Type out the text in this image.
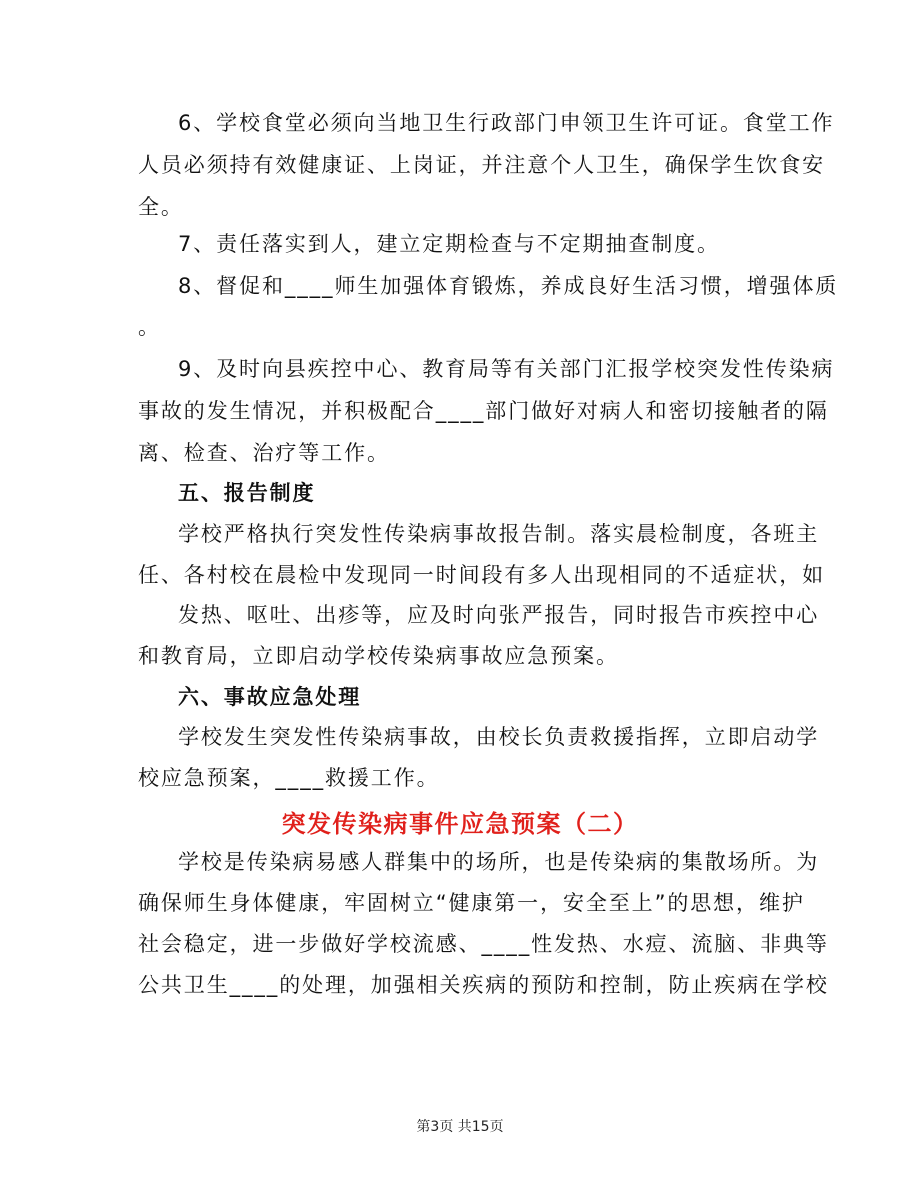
6、学校食堂必须向当地卫生行政部门申领卫生许可证。食堂工作
人员必须持有效健康证、上岗证，并注意个人卫生，确保学生饮食安
全。
7、责任落实到人，建立定期检查与不定期抽查制度。
8、督促和____师生加强体育锻炼，养成良好生活习惯，增强体质
。
9、及时向县疾控中心、教育局等有关部门汇报学校突发性传染病
事故的发生情况，并积极配合____部门做好对病人和密切接触者的隔
离、检查、治疗等工作。
五、报告制度
学校严格执行突发性传染病事故报告制。落实晨检制度，各班主
任、各村校在晨检中发现同一时间段有多人出现相同的不适症状，如
发热、呕吐、出疹等，应及时向张严报告，同时报告市疾控中心
和教育局，立即启动学校传染病事故应急预案。
六、事故应急处理
学校发生突发性传染病事故，由校长负责救援指挥，立即启动学
校应急预案，____救援工作。
突发传染病事件应急预案（二）
学校是传染病易感人群集中的场所，也是传染病的集散场所。为
确保师生身体健康，牢固树立“健康第一，安全至上”的思想，维护
社会稳定，进一步做好学校流感、____性发热、水痘、流脑、非典等
公共卫生____的处理，加强相关疾病的预防和控制，防止疾病在学校
第3页 共15页
